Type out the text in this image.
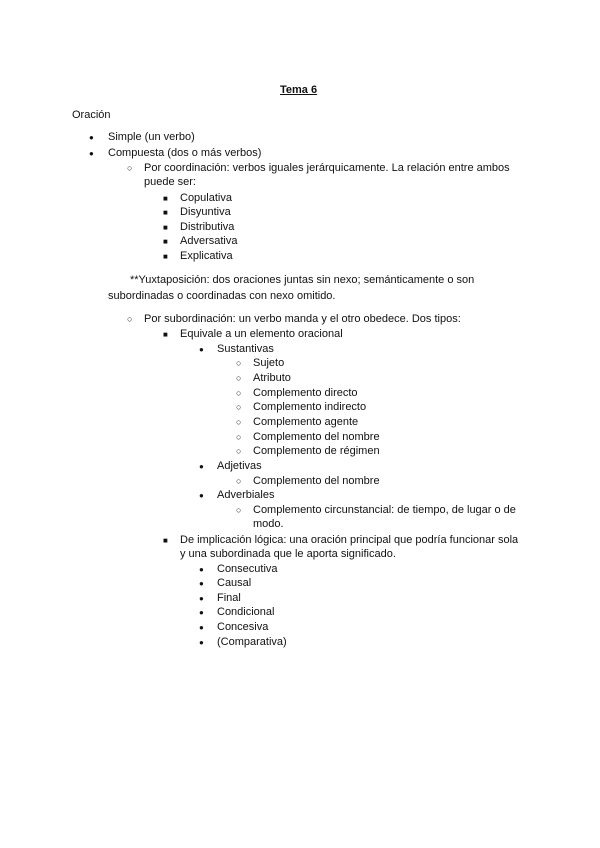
Tema 6
Oración
●
Simple (un verbo)
●
Compuesta (dos o más verbos)
○
Por coordinación: verbos iguales jerárquicamente. La relación entre ambos
puede ser:
■
Copulativa
■
Disyuntiva
■
Distributiva
■
Adversativa
■
Explicativa
**Yuxtaposición: dos oraciones juntas sin nexo; semánticamente o son
subordinadas o coordinadas con nexo omitido.
○
Por subordinación: un verbo manda y el otro obedece. Dos tipos:
■
Equivale a un elemento oracional
●
Sustantivas
○
Sujeto
○
Atributo
○
Complemento directo
○
Complemento indirecto
○
Complemento agente
○
Complemento del nombre
○
Complemento de régimen
●
Adjetivas
○
Complemento del nombre
●
Adverbiales
○
Complemento circunstancial: de tiempo, de lugar o de
modo.
■
De implicación lógica: una oración principal que podría funcionar sola
y una subordinada que le aporta significado.
●
Consecutiva
●
Causal
●
Final
●
Condicional
●
Concesiva
●
(Comparativa)
